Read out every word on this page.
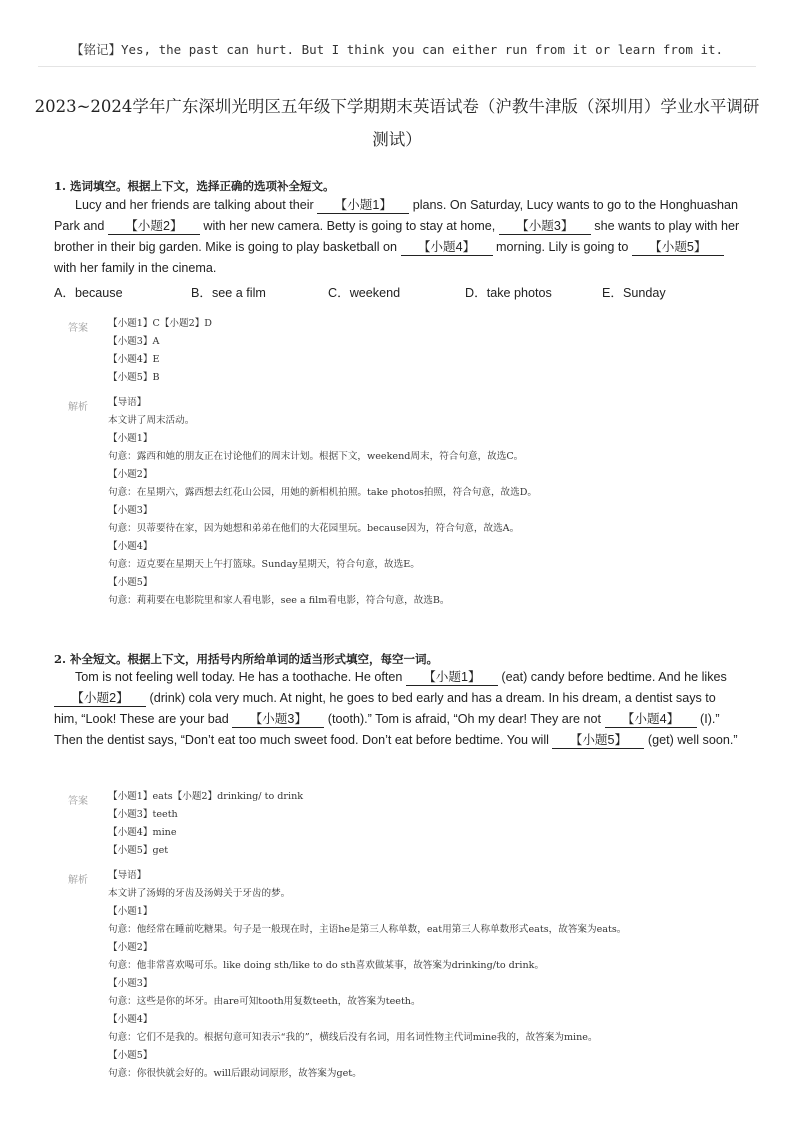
【铭记】Yes, the past can hurt. But I think you can either run from it or learn from it.
2023~2024学年广东深圳光明区五年级下学期期末英语试卷（沪教牛津版（深圳用）学业水平调研测试）
1. 选词填空。根据上下文，选择正确的选项补全短文。
Lucy and her friends are talking about their 【小题1】 plans. On Saturday, Lucy wants to go to the Honghuashan Park and 【小题2】 with her new camera. Betty is going to stay at home, 【小题3】 she wants to play with her brother in their big garden. Mike is going to play basketball on 【小题4】 morning. Lily is going to 【小题5】 with her family in the cinema.
A．because	B．see a film	C．weekend	D．take photos	E．Sunday
答案 【小题1】C【小题2】D
【小题3】A
【小题4】E
【小题5】B
解析 【导语】
本文讲了周末活动。
【小题1】
句意：露西和她的朋友正在讨论他们的周末计划。根据下文，weekend周末，符合句意，故选C。
【小题2】
句意：在星期六，露西想去红花山公园，用她的新相机拍照。take photos拍照，符合句意，故选D。
【小题3】
句意：贝蒂要待在家，因为她想和弟弟在他们的大花园里玩。because因为，符合句意，故选A。
【小题4】
句意：迈克要在星期天上午打篮球。Sunday星期天，符合句意，故选E。
【小题5】
句意：莉莉要在电影院里和家人看电影，see a film看电影，符合句意，故选B。
2. 补全短文。根据上下文，用括号内所给单词的适当形式填空，每空一词。
Tom is not feeling well today. He has a toothache. He often 【小题1】 (eat) candy before bedtime. And he likes 【小题2】 (drink) cola very much. At night, he goes to bed early and has a dream. In his dream, a dentist says to him, “Look! These are your bad 【小题3】 (tooth).” Tom is afraid, “Oh my dear! They are not 【小题4】 (I).” Then the dentist says, “Don’t eat too much sweet food. Don’t eat before bedtime. You will 【小题5】 (get) well soon.”
答案 【小题1】eats【小题2】drinking/ to drink
【小题3】teeth
【小题4】mine
【小题5】get
解析 【导语】
本文讲了汤姆的牙齿及汤姆关于牙齿的梦。
【小题1】
句意：他经常在睡前吃糖果。句子是一般现在时，主语he是第三人称单数，eat用第三人称单数形式eats，故答案为eats。
【小题2】
句意：他非常喜欢喝可乐。like doing sth/like to do sth喜欢做某事，故答案为drinking/to drink。
【小题3】
句意：这些是你的坏牙。由are可知tooth用复数teeth，故答案为teeth。
【小题4】
句意：它们不是我的。根据句意可知表示“我的”，横线后没有名词，用名词性物主代词mine我的，故答案为mine。
【小题5】
句意：你很快就会好的。will后跟动词原形，故答案为get。
